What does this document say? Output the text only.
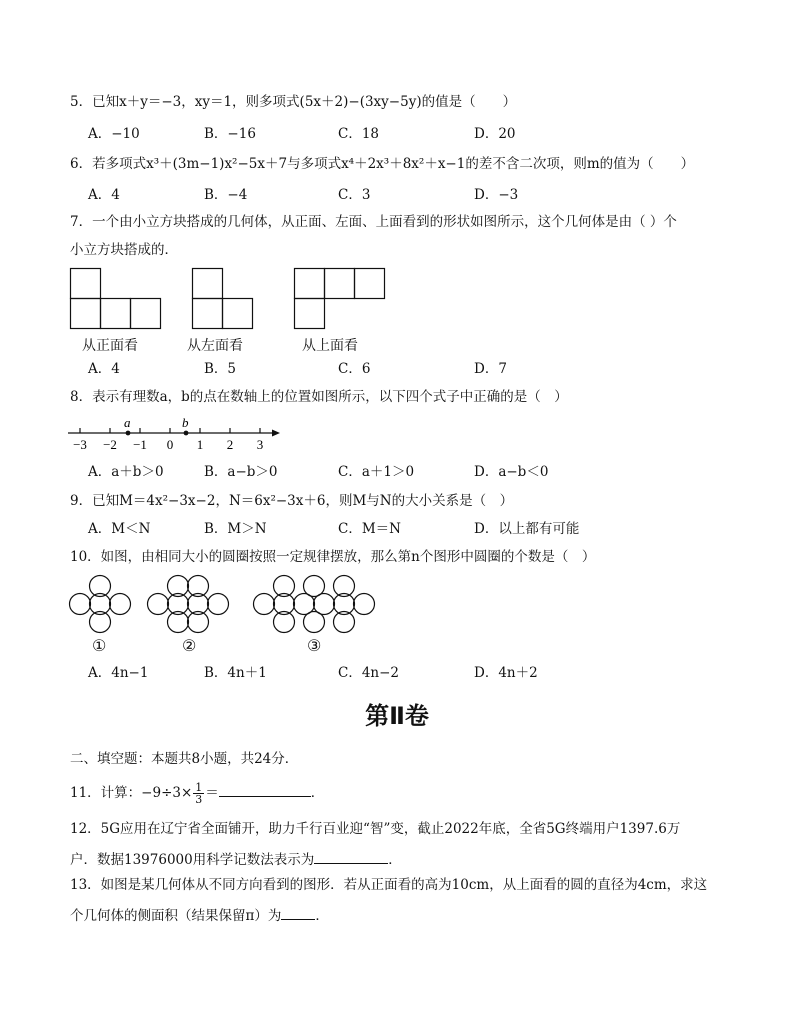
5．已知x＋y＝−3，xy＝1，则多项式(5x＋2)−(3xy−5y)的值是（　　）
A．−10	B．−16	C．18	D．20
6．若多项式x³＋(3m−1)x²−5x＋7与多项式x⁴＋2x³＋8x²＋x−1的差不含二次项，则m的值为（　　）
A．4	B．−4	C．3	D．−3
7．一个由小立方块搭成的几何体，从正面、左面、上面看到的形状如图所示，这个几何体是由（ ）个
小立方块搭成的．
从正面看	从左面看	从上面看
A．4	B．5	C．6	D．7
8．表示有理数a，b的点在数轴上的位置如图所示，以下四个式子中正确的是（　）
a	b
−3 −2 −1 0 1 2 3
A．a＋b＞0	B．a−b＞0	C．a＋1＞0	D．a−b＜0
9．已知M＝4x²−3x−2，N＝6x²−3x＋6，则M与N的大小关系是（　）
A．M＜N	B．M＞N	C．M＝N	D．以上都有可能
10．如图，由相同大小的圆圈按照一定规律摆放，那么第n个图形中圆圈的个数是（　）
①	②	③
A．4n−1	B．4n＋1	C．4n−2	D．4n＋2
第Ⅱ卷
二、填空题：本题共8小题，共24分．
11．计算：$-9\div 3\times \frac{1}{3}$ ＝	．
12．5G应用在辽宁省全面铺开，助力千行百业迎“智”变，截止2022年底，全省5G终端用户1397.6万
户．数据13976000用科学记数法表示为	．
13．如图是某几何体从不同方向看到的图形．若从正面看的高为10cm，从上面看的圆的直径为4cm，求这
个几何体的侧面积（结果保留π）为	．
